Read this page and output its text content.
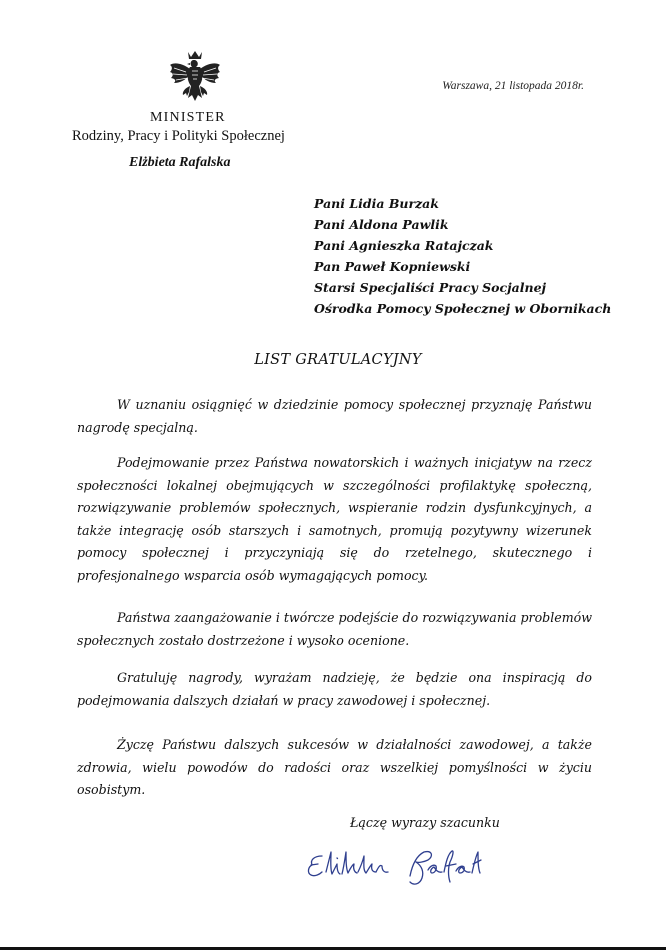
Warszawa, 21 listopada 2018r.
MINISTER
Rodziny, Pracy i Polityki Społecznej
Elżbieta Rafalska
Pani Lidia Burzak
Pani Aldona Pawlik
Pani Agnieszka Ratajczak
Pan Paweł Kopniewski
Starsi Specjaliści Pracy Socjalnej
Ośrodka Pomocy Społecznej w Obornikach
LIST GRATULACYJNY

W uznaniu osiągnięć w dziedzinie pomocy społecznej przyznaję Państwu nagrodę specjalną.

Podejmowanie przez Państwa nowatorskich i ważnych inicjatyw na rzecz społeczności lokalnej obejmujących w szczególności profilaktykę społeczną, rozwiązywanie problemów społecznych, wspieranie rodzin dysfunkcyjnych, a także integrację osób starszych i samotnych, promują pozytywny wizerunek pomocy społecznej i przyczyniają się do rzetelnego, skutecznego i profesjonalnego wsparcia osób wymagających pomocy.

Państwa zaangażowanie i twórcze podejście do rozwiązywania problemów społecznych zostało dostrzeżone i wysoko ocenione.

Gratuluję nagrody, wyrażam nadzieję, że będzie ona inspiracją do podejmowania dalszych działań w pracy zawodowej i społecznej.

Życzę Państwu dalszych sukcesów w działalności zawodowej, a także zdrowia, wielu powodów do radości oraz wszelkiej pomyślności w życiu osobistym.

Łączę wyrazy szacunku
